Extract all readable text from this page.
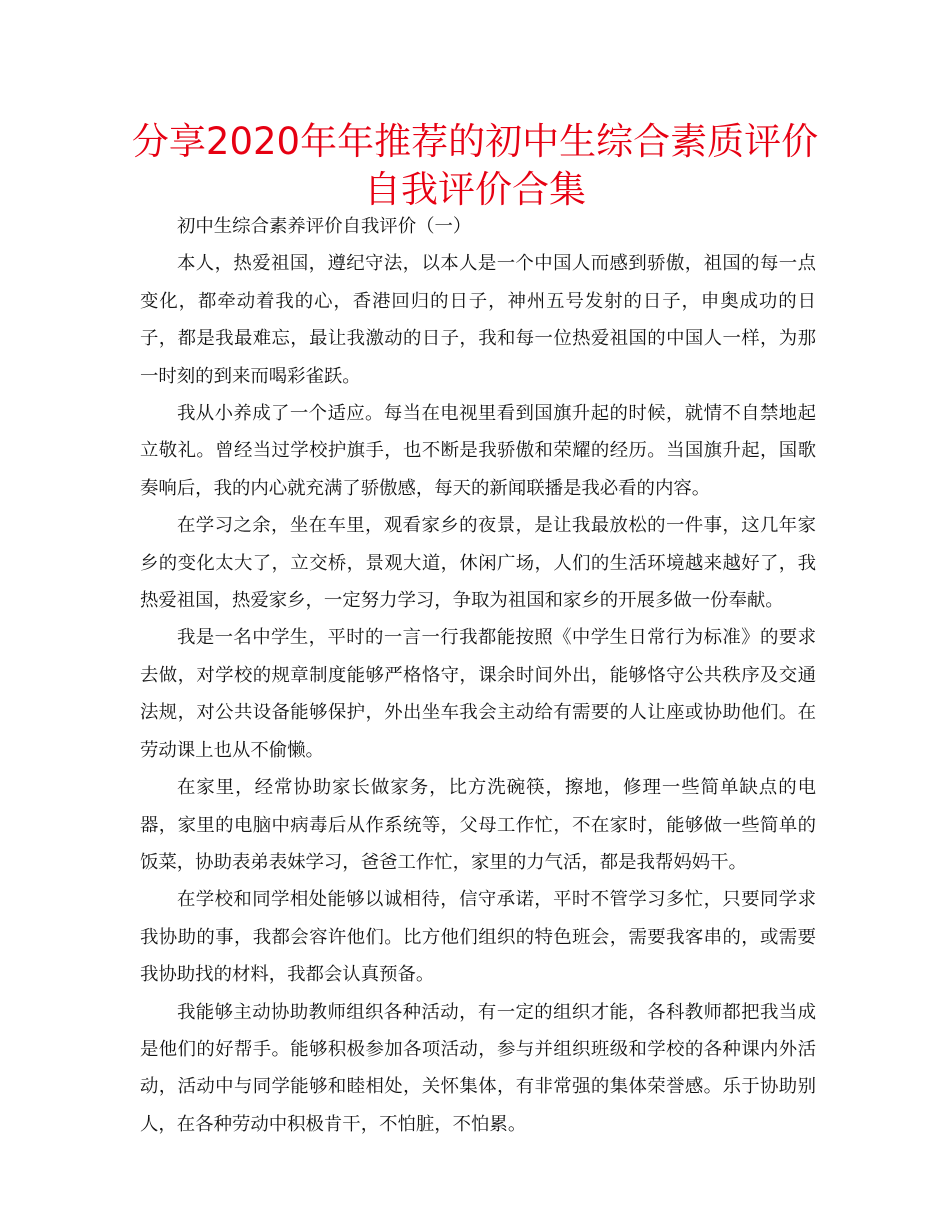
分享2020年年推荐的初中生综合素质评价自我评价合集

初中生综合素养评价自我评价（一）

本人，热爱祖国，遵纪守法，以本人是一个中国人而感到骄傲，祖国的每一点变化，都牵动着我的心，香港回归的日子，神州五号发射的日子，申奥成功的日子，都是我最难忘，最让我激动的日子，我和每一位热爱祖国的中国人一样，为那一时刻的到来而喝彩雀跃。

我从小养成了一个适应。每当在电视里看到国旗升起的时候，就情不自禁地起立敬礼。曾经当过学校护旗手，也不断是我骄傲和荣耀的经历。当国旗升起，国歌奏响后，我的内心就充满了骄傲感，每天的新闻联播是我必看的内容。

在学习之余，坐在车里，观看家乡的夜景，是让我最放松的一件事，这几年家乡的变化太大了，立交桥，景观大道，休闲广场，人们的生活环境越来越好了，我热爱祖国，热爱家乡，一定努力学习，争取为祖国和家乡的开展多做一份奉献。

我是一名中学生，平时的一言一行我都能按照《中学生日常行为标准》的要求去做，对学校的规章制度能够严格恪守，课余时间外出，能够恪守公共秩序及交通法规，对公共设备能够保护，外出坐车我会主动给有需要的人让座或协助他们。在劳动课上也从不偷懒。

在家里，经常协助家长做家务，比方洗碗筷，擦地，修理一些简单缺点的电器，家里的电脑中病毒后从作系统等，父母工作忙，不在家时，能够做一些简单的饭菜，协助表弟表妹学习，爸爸工作忙，家里的力气活，都是我帮妈妈干。

在学校和同学相处能够以诚相待，信守承诺，平时不管学习多忙，只要同学求我协助的事，我都会容许他们。比方他们组织的特色班会，需要我客串的，或需要我协助找的材料，我都会认真预备。

我能够主动协助教师组织各种活动，有一定的组织才能，各科教师都把我当成是他们的好帮手。能够积极参加各项活动，参与并组织班级和学校的各种课内外活动，活动中与同学能够和睦相处，关怀集体，有非常强的集体荣誉感。乐于协助别人，在各种劳动中积极肯干，不怕脏，不怕累。
